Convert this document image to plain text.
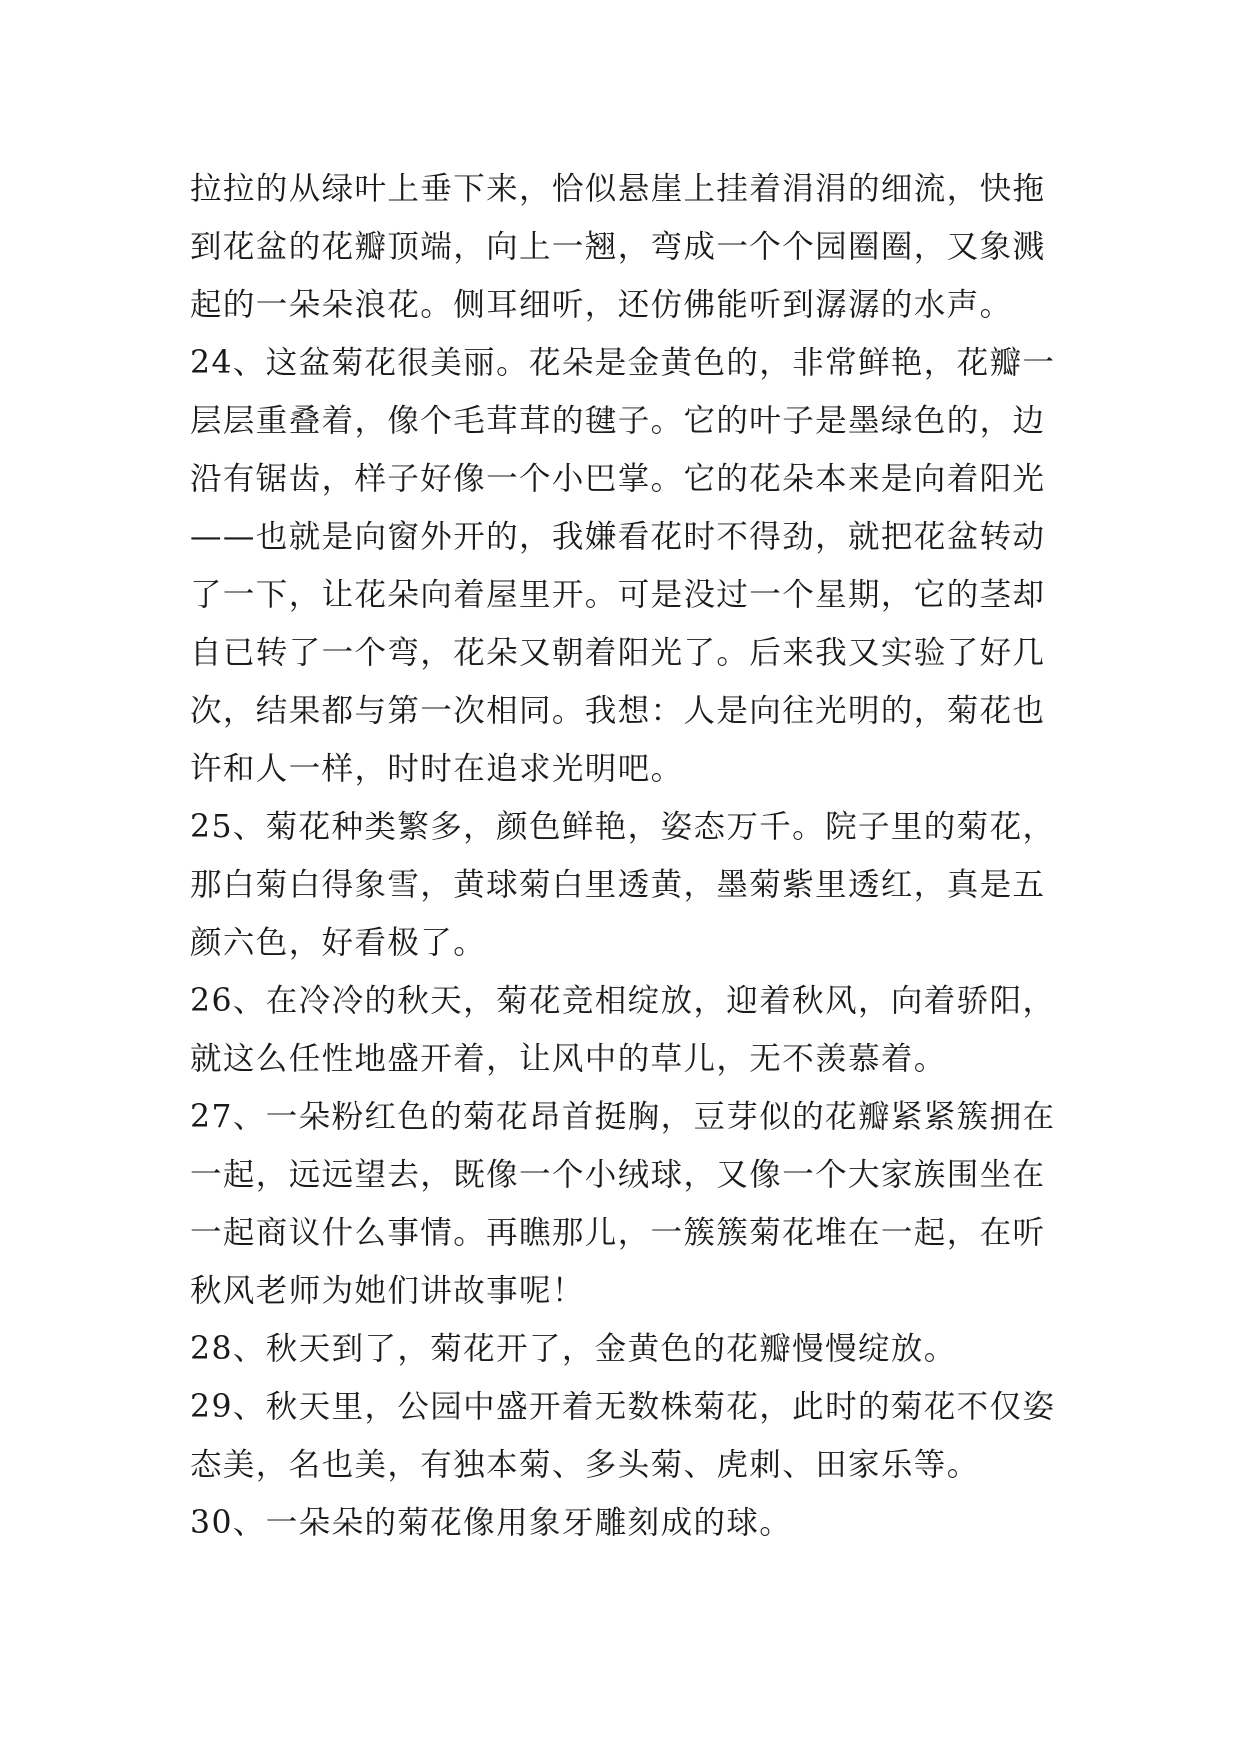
拉拉的从绿叶上垂下来，恰似悬崖上挂着涓涓的细流，快拖
到花盆的花瓣顶端，向上一翘，弯成一个个园圈圈，又象溅
起的一朵朵浪花。侧耳细听，还仿佛能听到潺潺的水声。
24、这盆菊花很美丽。花朵是金黄色的，非常鲜艳，花瓣一
层层重叠着，像个毛茸茸的毽子。它的叶子是墨绿色的，边
沿有锯齿，样子好像一个小巴掌。它的花朵本来是向着阳光
——也就是向窗外开的，我嫌看花时不得劲，就把花盆转动
了一下，让花朵向着屋里开。可是没过一个星期，它的茎却
自已转了一个弯，花朵又朝着阳光了。后来我又实验了好几
次，结果都与第一次相同。我想：人是向往光明的，菊花也
许和人一样，时时在追求光明吧。
25、菊花种类繁多，颜色鲜艳，姿态万千。院子里的菊花，
那白菊白得象雪，黄球菊白里透黄，墨菊紫里透红，真是五
颜六色，好看极了。
26、在冷冷的秋天，菊花竞相绽放，迎着秋风，向着骄阳，
就这么任性地盛开着，让风中的草儿，无不羡慕着。
27、一朵粉红色的菊花昂首挺胸，豆芽似的花瓣紧紧簇拥在
一起，远远望去，既像一个小绒球，又像一个大家族围坐在
一起商议什么事情。再瞧那儿，一簇簇菊花堆在一起，在听
秋风老师为她们讲故事呢！
28、秋天到了，菊花开了，金黄色的花瓣慢慢绽放。
29、秋天里，公园中盛开着无数株菊花，此时的菊花不仅姿
态美，名也美，有独本菊、多头菊、虎刺、田家乐等。
30、一朵朵的菊花像用象牙雕刻成的球。
